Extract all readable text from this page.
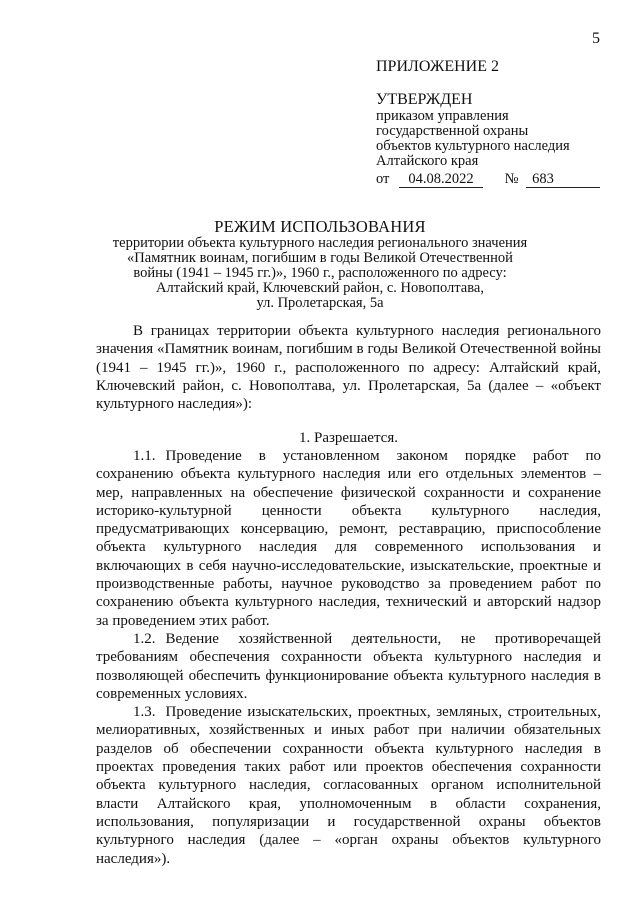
5
ПРИЛОЖЕНИЕ 2
УТВЕРЖДЕН
приказом управления
государственной охраны
объектов культурного наследия
Алтайского края
от 04.08.2022 № 683
РЕЖИМ ИСПОЛЬЗОВАНИЯ
территории объекта культурного наследия регионального значения
«Памятник воинам, погибшим в годы Великой Отечественной
войны (1941 – 1945 гг.)», 1960 г., расположенного по адресу:
Алтайский край, Ключевский район, с. Новополтава,
ул. Пролетарская, 5а

В границах территории объекта культурного наследия регионального значения «Памятник воинам, погибшим в годы Великой Отечественной войны (1941 – 1945 гг.)», 1960 г., расположенного по адресу: Алтайский край, Ключевский район, с. Новополтава, ул. Пролетарская, 5а (далее – «объект культурного наследия»):

1. Разрешается.

1.1. Проведение в установленном законом порядке работ по сохранению объекта культурного наследия или его отдельных элементов – мер, направленных на обеспечение физической сохранности и сохранение историко-культурной ценности объекта культурного наследия, предусматривающих консервацию, ремонт, реставрацию, приспособление объекта культурного наследия для современного использования и включающих в себя научно-исследовательские, изыскательские, проектные и производственные работы, научное руководство за проведением работ по сохранению объекта культурного наследия, технический и авторский надзор за проведением этих работ.

1.2. Ведение хозяйственной деятельности, не противоречащей требованиям обеспечения сохранности объекта культурного наследия и позволяющей обеспечить функционирование объекта культурного наследия в современных условиях.

1.3. Проведение изыскательских, проектных, земляных, строительных, мелиоративных, хозяйственных и иных работ при наличии обязательных разделов об обеспечении сохранности объекта культурного наследия в проектах проведения таких работ или проектов обеспечения сохранности объекта культурного наследия, согласованных органом исполнительной власти Алтайского края, уполномоченным в области сохранения, использования, популяризации и государственной охраны объектов культурного наследия (далее – «орган охраны объектов культурного наследия»).
